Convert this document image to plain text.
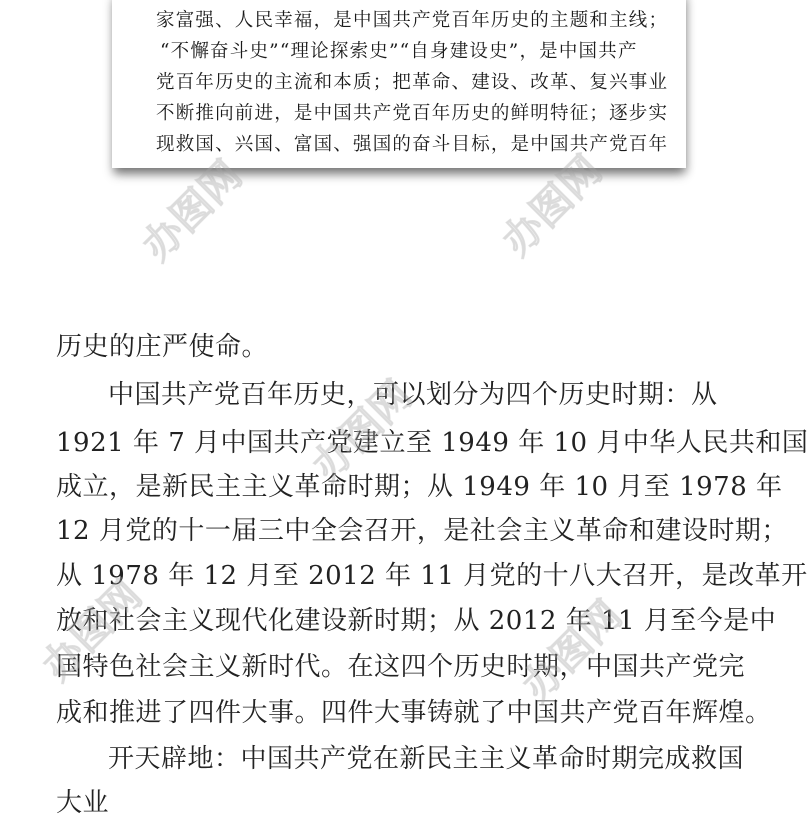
家富强、人民幸福，是中国共产党百年历史的主题和主线；
“不懈奋斗史”“理论探索史”“自身建设史”，是中国共产
党百年历史的主流和本质；把革命、建设、改革、复兴事业
不断推向前进，是中国共产党百年历史的鲜明特征；逐步实
现救国、兴国、富国、强国的奋斗目标，是中国共产党百年
历史的庄严使命。
中国共产党百年历史，可以划分为四个历史时期：从
1921 年 7 月中国共产党建立至 1949 年 10 月中华人民共和国
成立，是新民主主义革命时期；从 1949 年 10 月至 1978 年
12 月党的十一届三中全会召开，是社会主义革命和建设时期；
从 1978 年 12 月至 2012 年 11 月党的十八大召开，是改革开
放和社会主义现代化建设新时期；从 2012 年 11 月至今是中
国特色社会主义新时代。在这四个历史时期，中国共产党完
成和推进了四件大事。四件大事铸就了中国共产党百年辉煌。
开天辟地：中国共产党在新民主主义革命时期完成救国
大业
办图网	办图网
办图网
办图网	办图网
